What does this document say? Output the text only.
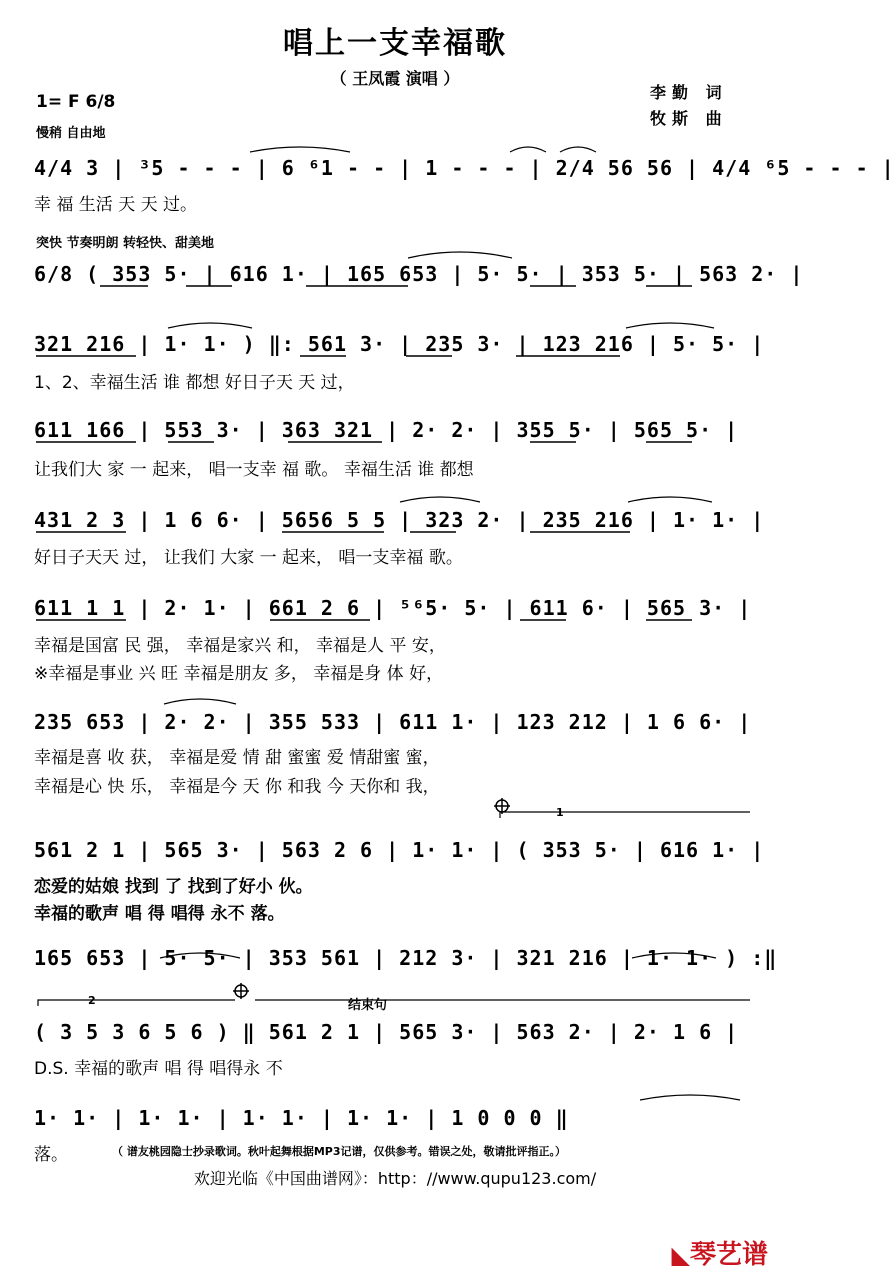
唱上一支幸福歌
（ 王凤霞 演唱 ）
李勤 词
牧斯 曲
1= F 6/8
慢稍 自由地
突快 节奏明朗 转轻快、甜美地
4/4 3 | ³5 - - - | 6 ⁶1 - - | 1 - - - | 2/4 56 56 | 4/4 ⁶5 - - - |
幸 福 生活 天 天 过。
6/8 ( 353 5· | 616 1· | 165 653 | 5· 5· | 353 5· | 563 2· |
321 216 | 1· 1· ) ‖: 561 3· | 235 3· | 123 216 | 5· 5· |
1、2、幸福生活 谁 都想 好日子天 天 过，
611 166 | 553 3· | 363 321 | 2· 2· | 355 5· | 565 5· |
让我们大 家 一 起来， 唱一支幸 福 歌。 幸福生活 谁 都想
431 2 3 | 1 6 6· | 5656 5 5 | 323 2· | 235 216 | 1· 1· |
好日子天天 过， 让我们 大家 一 起来， 唱一支幸福 歌。
611 1 1 | 2· 1· | 661 2 6 | ⁵⁶5· 5· | 611 6· | 565 3· |
幸福是国富 民 强， 幸福是家兴 和， 幸福是人 平 安，
※幸福是事业 兴 旺 幸福是朋友 多， 幸福是身 体 好，
235 653 | 2· 2· | 355 533 | 611 1· | 123 212 | 1 6 6· |
幸福是喜 收 获， 幸福是爱 情 甜 蜜蜜 爱 情甜蜜 蜜，
幸福是心 快 乐， 幸福是今 天 你 和我 今 天你和 我，
1
561 2 1 | 565 3· | 563 2 6 | 1· 1· | ( 353 5· | 616 1· |
恋爱的姑娘 找到 了 找到了好小 伙。
幸福的歌声 唱 得 唱得 永不 落。
165 653 | 5· 5· | 353 561 | 212 3· | 321 216 | 1· 1· ) :‖
2	结束句
( 3 5 3 6 5 6 ) ‖ 561 2 1 | 565 3· | 563 2· | 2· 1 6 |
D.S. 幸福的歌声 唱 得 唱得永 不
1· 1· | 1· 1· | 1· 1· | 1· 1· | 1 0 0 0 ‖
落。	（ 谱友桃园隐士抄录歌词。秋叶起舞根据MP3记谱，仅供参考。错误之处，敬请批评指正。）
欢迎光临《中国曲谱网》：http：//www.qupu123.com/
◣琴艺谱
